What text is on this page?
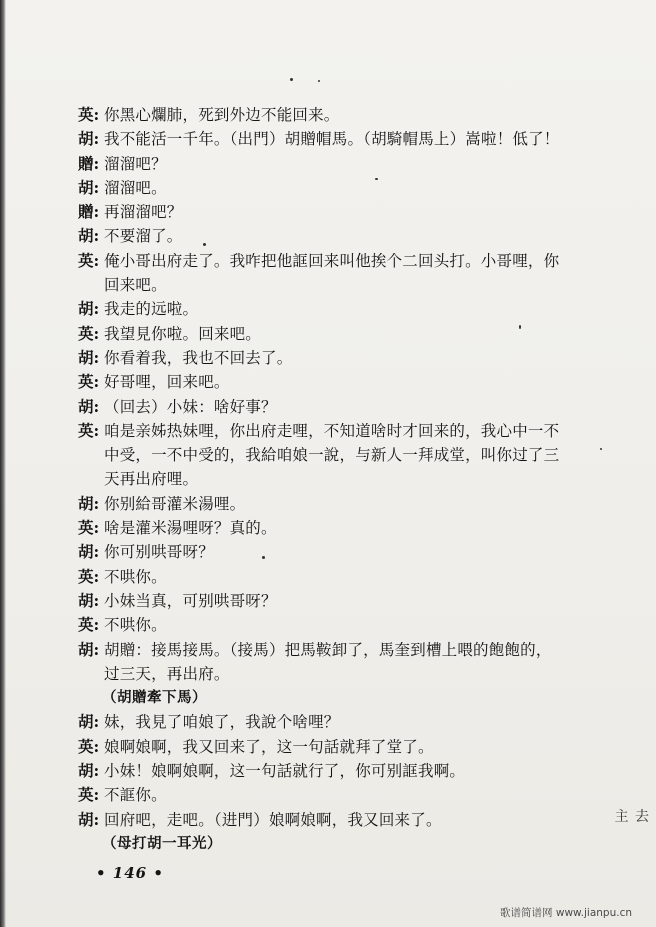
英: 你黑心爛肺，死到外边不能回来。
胡: 我不能活一千年。（出門）胡贈帽馬。（胡騎帽馬上）嵩啦！低了！
贈: 溜溜吧？
胡: 溜溜吧。
贈: 再溜溜吧？
胡: 不要溜了。
英: 俺小哥出府走了。我咋把他誆回来叫他挨个二回头打。小哥哩，你
回来吧。
胡: 我走的远啦。
英: 我望見你啦。回来吧。
胡: 你看着我，我也不回去了。
英: 好哥哩，回来吧。
胡: （回去）小妹：啥好事？
英: 咱是亲姊热妹哩，你出府走哩，不知道啥时才回来的，我心中一不
中受，一不中受的，我給咱娘一說，与新人一拜成堂，叫你过了三
天再出府哩。
胡: 你别給哥灌米湯哩。
英: 啥是灌米湯哩呀？真的。
胡: 你可别哄哥呀？
英: 不哄你。
胡: 小妹当真，可别哄哥呀？
英: 不哄你。
胡: 胡贈：接馬接馬。（接馬）把馬鞍卸了，馬奎到槽上喂的飽飽的，
过三天，再出府。
（胡贈牽下馬）
胡: 妹，我見了咱娘了，我說个啥哩？
英: 娘啊娘啊，我又回来了，这一句話就拜了堂了。
胡: 小妹！娘啊娘啊，这一句話就行了，你可别誆我啊。
英: 不誆你。
胡: 回府吧，走吧。（进門）娘啊娘啊，我又回来了。
（母打胡一耳光）
• 146 •
主 去
歌谱简谱网 www.jianpu.cn
